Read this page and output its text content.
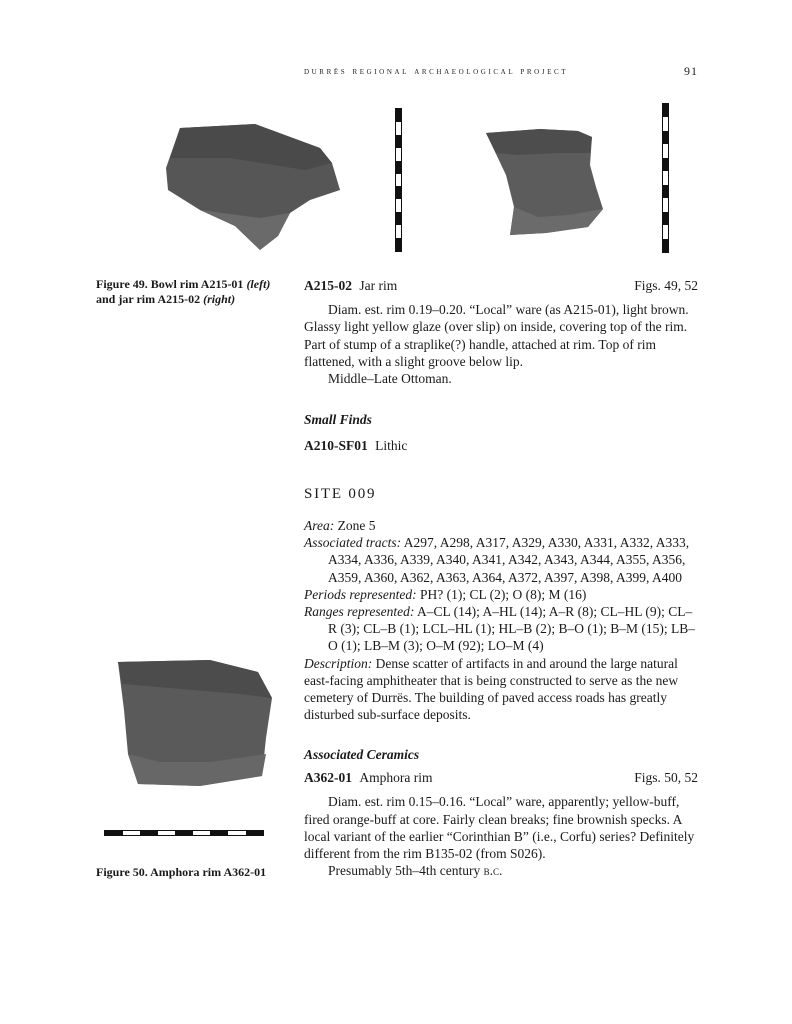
durrës regional archaeological project	91
Figure 49. Bowl rim A215-01 (left) and jar rim A215-02 (right)
A215-02 Jar rim	Figs. 49, 52

Diam. est. rim 0.19–0.20. “Local” ware (as A215-01), light brown. Glassy light yellow glaze (over slip) on inside, covering top of the rim. Part of stump of a straplike(?) handle, attached at rim. Top of rim flattened, with a slight groove below lip.

Middle–Late Ottoman.

Small Finds

A210-SF01 Lithic

SITE 009

Area: Zone 5

Associated tracts: A297, A298, A317, A329, A330, A331, A332, A333, A334, A336, A339, A340, A341, A342, A343, A344, A355, A356, A359, A360, A362, A363, A364, A372, A397, A398, A399, A400

Periods represented: PH? (1); CL (2); O (8); M (16)

Ranges represented: A–CL (14); A–HL (14); A–R (8); CL–HL (9); CL–R (3); CL–B (1); LCL–HL (1); HL–B (2); B–O (1); B–M (15); LB–O (1); LB–M (3); O–M (92); LO–M (4)

Description: Dense scatter of artifacts in and around the large natural east-facing amphitheater that is being constructed to serve as the new cemetery of Durrës. The building of paved access roads has greatly disturbed sub-surface deposits.

Figure 50. Amphora rim A362-01

Associated Ceramics

A362-01 Amphora rim	Figs. 50, 52

Diam. est. rim 0.15–0.16. “Local” ware, apparently; yellow-buff, fired orange-buff at core. Fairly clean breaks; fine brownish specks. A local variant of the earlier “Corinthian B” (i.e., Corfu) series? Definitely different from the rim B135-02 (from S026).

Presumably 5th–4th century b.c.
